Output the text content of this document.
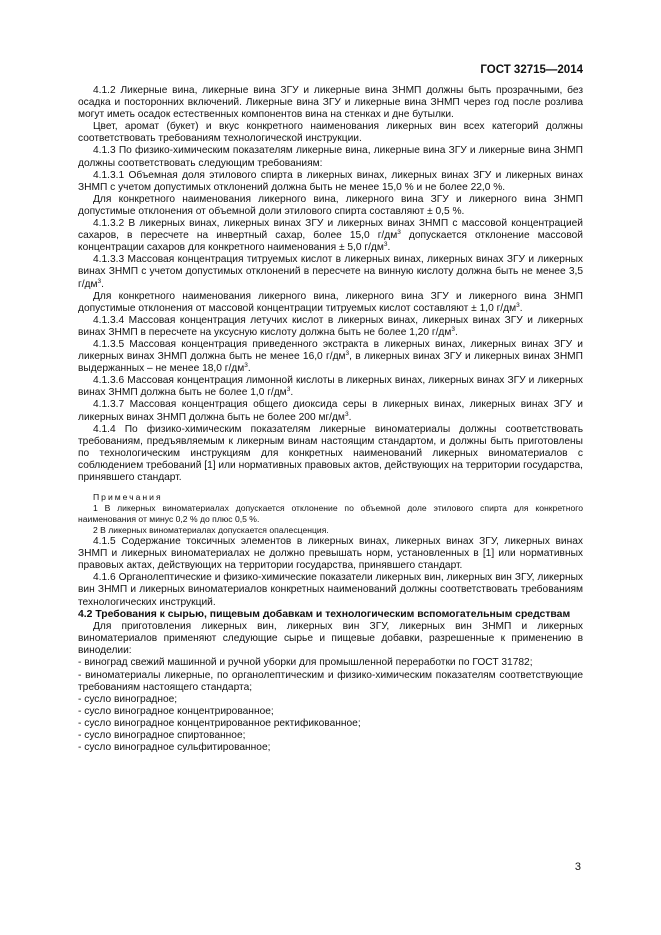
ГОСТ 32715—2014

4.1.2 Ликерные вина, ликерные вина ЗГУ и ликерные вина ЗНМП должны быть прозрачными, без осадка и посторонних включений. Ликерные вина ЗГУ и ликерные вина ЗНМП через год после розлива могут иметь осадок естественных компонентов вина на стенках и дне бутылки.

Цвет, аромат (букет) и вкус конкретного наименования ликерных вин всех категорий должны соответствовать требованиям технологической инструкции.

4.1.3 По физико-химическим показателям ликерные вина, ликерные вина ЗГУ и ликерные вина ЗНМП должны соответствовать следующим требованиям:

4.1.3.1 Объемная доля этилового спирта в ликерных винах, ликерных винах ЗГУ и ликерных винах ЗНМП с учетом допустимых отклонений должна быть не менее 15,0 % и не более 22,0 %.

Для конкретного наименования ликерного вина, ликерного вина ЗГУ и ликерного вина ЗНМП допустимые отклонения от объемной доли этилового спирта составляют ± 0,5 %.

4.1.3.2 В ликерных винах, ликерных винах ЗГУ и ликерных винах ЗНМП с массовой концентрацией сахаров, в пересчете на инвертный сахар, более 15,0 $г/дм^3$ допускается отклонение массовой концентрации сахаров для конкретного наименования ± 5,0 $г/дм^3$.

4.1.3.3 Массовая концентрация титруемых кислот в ликерных винах, ликерных винах ЗГУ и ликерных винах ЗНМП с учетом допустимых отклонений в пересчете на винную кислоту должна быть не менее 3,5 $г/дм^3$.

Для конкретного наименования ликерного вина, ликерного вина ЗГУ и ликерного вина ЗНМП допустимые отклонения от массовой концентрации титруемых кислот составляют ± 1,0 $г/дм^3$.

4.1.3.4 Массовая концентрация летучих кислот в ликерных винах, ликерных винах ЗГУ и ликерных винах ЗНМП в пересчете на уксусную кислоту должна быть не более 1,20 $г/дм^3$.

4.1.3.5 Массовая концентрация приведенного экстракта в ликерных винах, ликерных винах ЗГУ и ликерных винах ЗНМП должна быть не менее 16,0 $г/дм^3$, в ликерных винах ЗГУ и ликерных винах ЗНМП выдержанных – не менее 18,0 $г/дм^3$.

4.1.3.6 Массовая концентрация лимонной кислоты в ликерных винах, ликерных винах ЗГУ и ликерных винах ЗНМП должна быть не более 1,0 $г/дм^3$.

4.1.3.7 Массовая концентрация общего диоксида серы в ликерных винах, ликерных винах ЗГУ и ликерных винах ЗНМП должна быть не более 200 $мг/дм^3$.

4.1.4 По физико-химическим показателям ликерные виноматериалы должны соответствовать требованиям, предъявляемым к ликерным винам настоящим стандартом, и должны быть приготовлены по технологическим инструкциям для конкретных наименований ликерных виноматериалов с соблюдением требований [1] или нормативных правовых актов, действующих на территории государства, принявшего стандарт.

Примечания

1 В ликерных виноматериалах допускается отклонение по объемной доле этилового спирта для конкретного наименования от минус 0,2 % до плюс 0,5 %.

2 В ликерных виноматериалах допускается опалесценция.

4.1.5 Содержание токсичных элементов в ликерных винах, ликерных винах ЗГУ, ликерных винах ЗНМП и ликерных виноматериалах не должно превышать норм, установленных в [1] или нормативных правовых актах, действующих на территории государства, принявшего стандарт.

4.1.6 Органолептические и физико-химические показатели ликерных вин, ликерных вин ЗГУ, ликерных вин ЗНМП и ликерных виноматериалов конкретных наименований должны соответствовать требованиям технологических инструкций.

4.2 Требования к сырью, пищевым добавкам и технологическим вспомогательным средствам

Для приготовления ликерных вин, ликерных вин ЗГУ, ликерных вин ЗНМП и ликерных виноматериалов применяют следующие сырье и пищевые добавки, разрешенные к применению в виноделии:

- виноград свежий машинной и ручной уборки для промышленной переработки по ГОСТ 31782;

- виноматериалы ликерные, по органолептическим и физико-химическим показателям соответствующие требованиям настоящего стандарта;

- сусло виноградное;

- сусло виноградное концентрированное;

- сусло виноградное концентрированное ректификованное;

- сусло виноградное спиртованное;

- сусло виноградное сульфитированное;

3
